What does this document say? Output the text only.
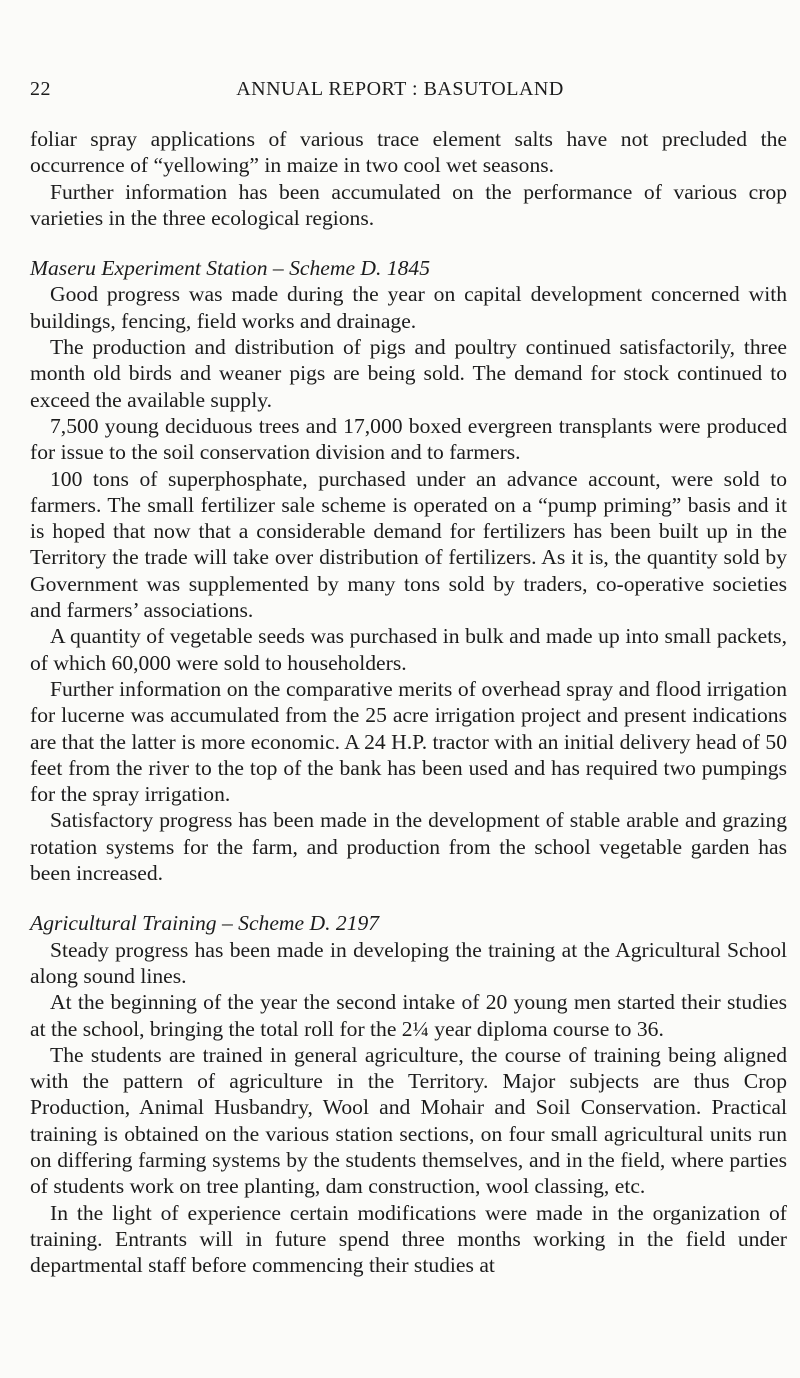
22	ANNUAL REPORT : BASUTOLAND

foliar spray applications of various trace element salts have not precluded the occurrence of “yellowing” in maize in two cool wet seasons.

Further information has been accumulated on the performance of various crop varieties in the three ecological regions.

Maseru Experiment Station – Scheme D. 1845

Good progress was made during the year on capital development concerned with buildings, fencing, field works and drainage.

The production and distribution of pigs and poultry continued satisfactorily, three month old birds and weaner pigs are being sold. The demand for stock continued to exceed the available supply.

7,500 young deciduous trees and 17,000 boxed evergreen transplants were produced for issue to the soil conservation division and to farmers.

100 tons of superphosphate, purchased under an advance account, were sold to farmers. The small fertilizer sale scheme is operated on a “pump priming” basis and it is hoped that now that a considerable demand for fertilizers has been built up in the Territory the trade will take over distribution of fertilizers. As it is, the quantity sold by Government was supplemented by many tons sold by traders, co-operative societies and farmers’ associations.

A quantity of vegetable seeds was purchased in bulk and made up into small packets, of which 60,000 were sold to householders.

Further information on the comparative merits of overhead spray and flood irrigation for lucerne was accumulated from the 25 acre irrigation project and present indications are that the latter is more economic. A 24 H.P. tractor with an initial delivery head of 50 feet from the river to the top of the bank has been used and has required two pumpings for the spray irrigation.

Satisfactory progress has been made in the development of stable arable and grazing rotation systems for the farm, and production from the school vegetable garden has been increased.

Agricultural Training – Scheme D. 2197

Steady progress has been made in developing the training at the Agricultural School along sound lines.

At the beginning of the year the second intake of 20 young men started their studies at the school, bringing the total roll for the 2¼ year diploma course to 36.

The students are trained in general agriculture, the course of training being aligned with the pattern of agriculture in the Territory. Major subjects are thus Crop Production, Animal Husbandry, Wool and Mohair and Soil Conservation. Practical training is obtained on the various station sections, on four small agricultural units run on differing farming systems by the students themselves, and in the field, where parties of students work on tree planting, dam construction, wool classing, etc.

In the light of experience certain modifications were made in the organization of training. Entrants will in future spend three months working in the field under departmental staff before commencing their studies at
